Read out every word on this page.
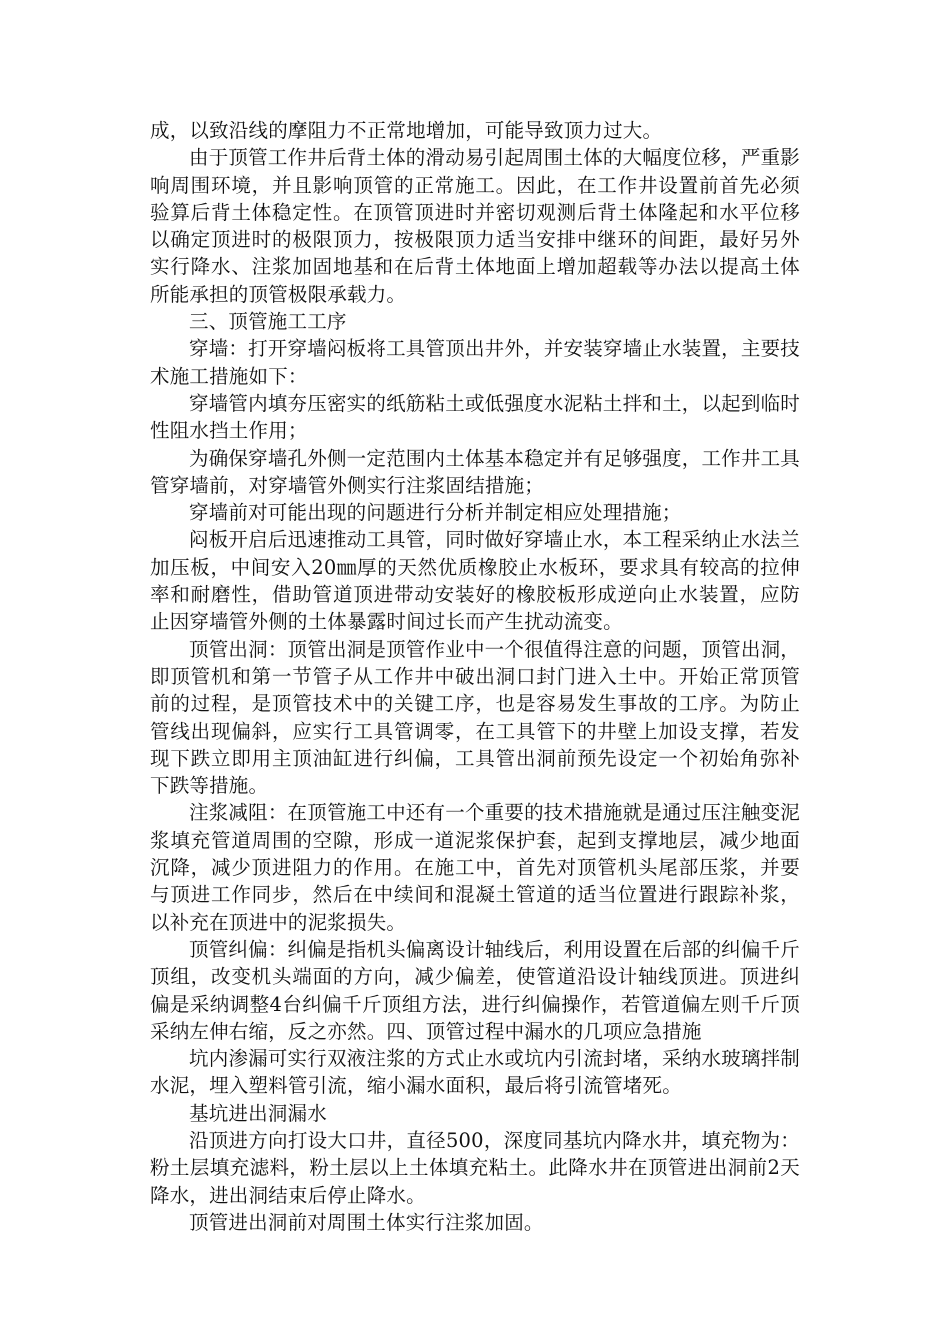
成，以致沿线的摩阻力不正常地增加，可能导致顶力过大。

由于顶管工作井后背土体的滑动易引起周围土体的大幅度位移，严重影响周围环境，并且影响顶管的正常施工。因此，在工作井设置前首先必须验算后背土体稳定性。在顶管顶进时并密切观测后背土体隆起和水平位移以确定顶进时的极限顶力，按极限顶力适当安排中继环的间距，最好另外实行降水、注浆加固地基和在后背土体地面上增加超载等办法以提高土体所能承担的顶管极限承载力。

三、顶管施工工序

穿墙：打开穿墙闷板将工具管顶出井外，并安装穿墙止水装置，主要技术施工措施如下：

穿墙管内填夯压密实的纸筋粘土或低强度水泥粘土拌和土，以起到临时性阻水挡土作用；

为确保穿墙孔外侧一定范围内土体基本稳定并有足够强度，工作井工具管穿墙前，对穿墙管外侧实行注浆固结措施；

穿墙前对可能出现的问题进行分析并制定相应处理措施；

闷板开启后迅速推动工具管，同时做好穿墙止水，本工程采纳止水法兰加压板，中间安入20㎜厚的天然优质橡胶止水板环，要求具有较高的拉伸率和耐磨性，借助管道顶进带动安装好的橡胶板形成逆向止水装置，应防止因穿墙管外侧的土体暴露时间过长而产生扰动流变。

顶管出洞：顶管出洞是顶管作业中一个很值得注意的问题，顶管出洞，即顶管机和第一节管子从工作井中破出洞口封门进入土中。开始正常顶管前的过程，是顶管技术中的关键工序，也是容易发生事故的工序。为防止管线出现偏斜，应实行工具管调零，在工具管下的井壁上加设支撑，若发现下跌立即用主顶油缸进行纠偏，工具管出洞前预先设定一个初始角弥补下跌等措施。

注浆减阻：在顶管施工中还有一个重要的技术措施就是通过压注触变泥浆填充管道周围的空隙，形成一道泥浆保护套，起到支撑地层，减少地面沉降，减少顶进阻力的作用。在施工中，首先对顶管机头尾部压浆，并要与顶进工作同步，然后在中续间和混凝土管道的适当位置进行跟踪补浆，以补充在顶进中的泥浆损失。

顶管纠偏：纠偏是指机头偏离设计轴线后，利用设置在后部的纠偏千斤顶组，改变机头端面的方向，减少偏差，使管道沿设计轴线顶进。顶进纠偏是采纳调整4台纠偏千斤顶组方法，进行纠偏操作，若管道偏左则千斤顶采纳左伸右缩，反之亦然。四、顶管过程中漏水的几项应急措施

坑内渗漏可实行双液注浆的方式止水或坑内引流封堵，采纳水玻璃拌制水泥，埋入塑料管引流，缩小漏水面积，最后将引流管堵死。

基坑进出洞漏水

沿顶进方向打设大口井，直径500，深度同基坑内降水井，填充物为：粉土层填充滤料，粉土层以上土体填充粘土。此降水井在顶管进出洞前2天降水，进出洞结束后停止降水。

顶管进出洞前对周围土体实行注浆加固。
